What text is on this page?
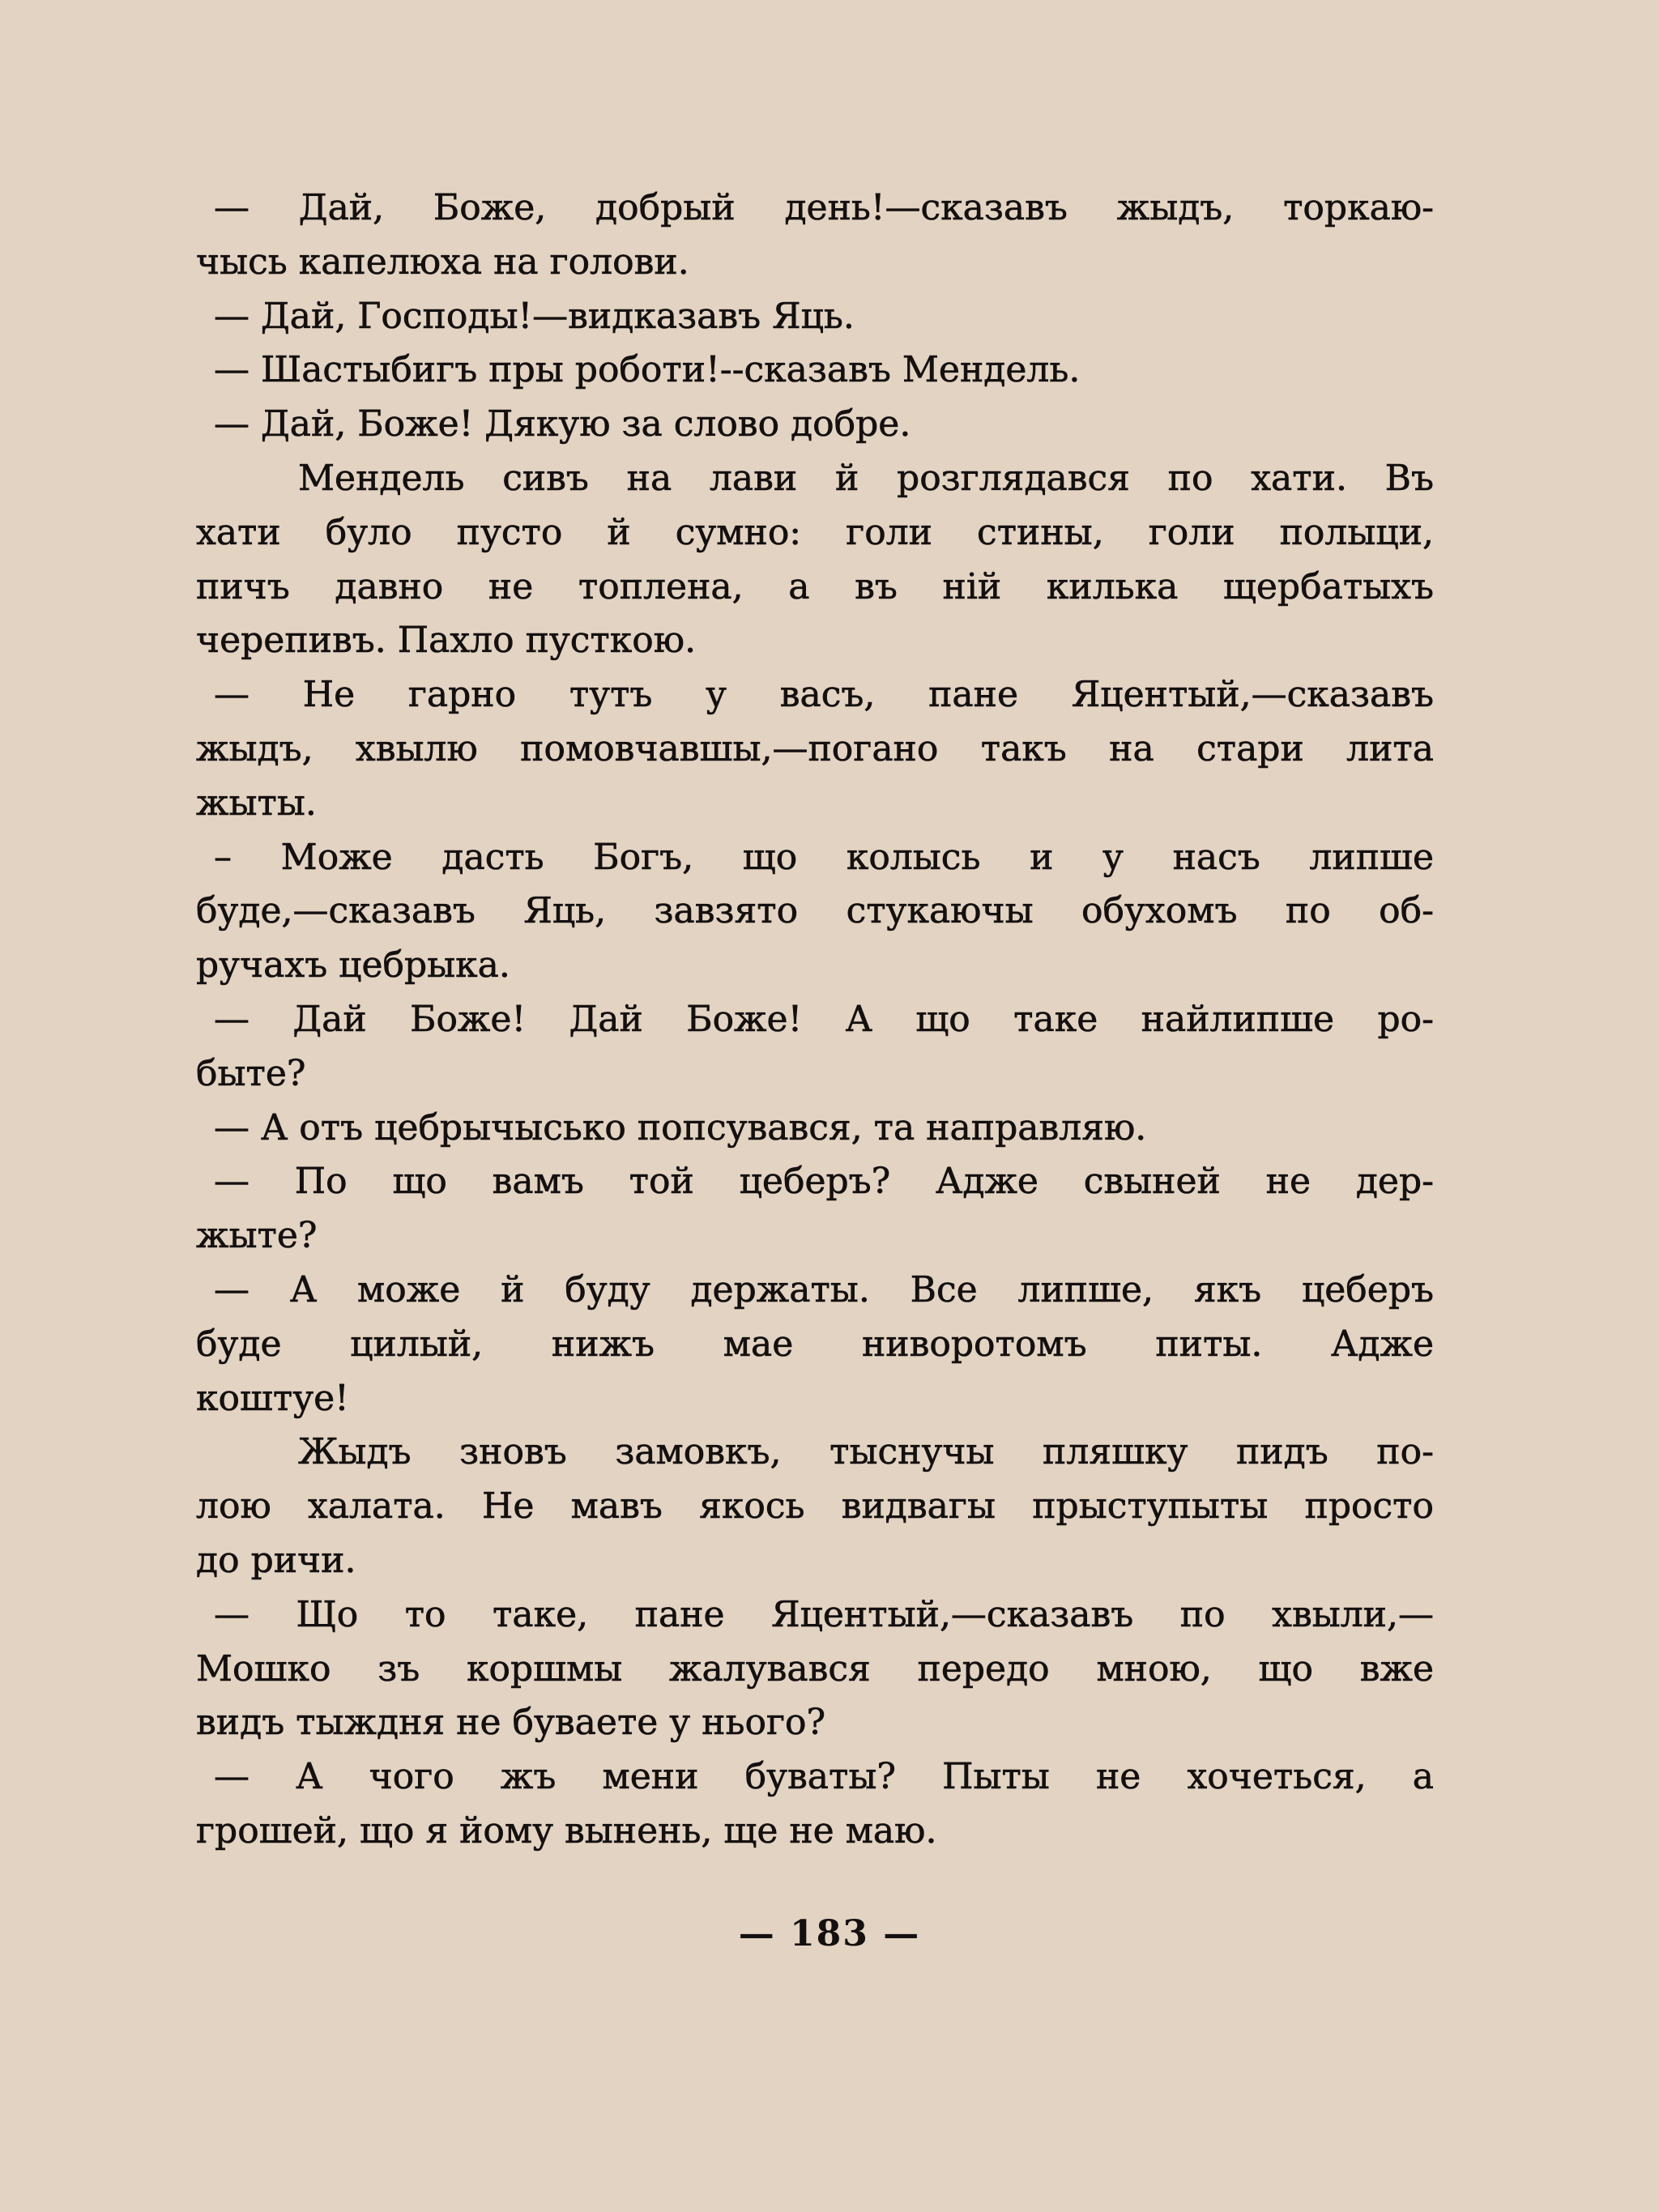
— Дай, Боже, добрый день!—сказавъ жыдъ, торкаю-
чысь капелюха на голови.
— Дай, Господы!—видказавъ Яць.
— Шастыбигъ пры роботи!--сказавъ Мендель.
— Дай, Боже! Дякую за слово добре.
Мендель сивъ на лави й розглядався по хати. Въ
хати було пусто й сумно: голи стины, голи полыци,
пичъ давно не топлена, а въ ній килька щербатыхъ
черепивъ. Пахло пусткою.
— Не гарно тутъ у васъ, пане Яцентый,—сказавъ
жыдъ, хвылю помовчавшы,—погано такъ на стари лита
жыты.
– Може дасть Богъ, що колысь и у насъ липше
буде,—сказавъ Яць, завзято стукаючы обухомъ по об-
ручахъ цебрыка.
— Дай Боже! Дай Боже! А що таке найлипше ро-
быте?
— А отъ цебрычысько попсувався, та направляю.
— По що вамъ той цеберъ? Адже свыней не дер-
жыте?
— А може й буду держаты. Все липше, якъ цеберъ
буде цилый, нижъ мае ниворотомъ питы. Адже
коштуе!
Жыдъ зновъ замовкъ, тыснучы пляшку пидъ по-
лою халата. Не мавъ якось видвагы прыступыты просто
до ричи.
— Що то таке, пане Яцентый,—сказавъ по хвыли,—
Мошко зъ коршмы жалувався передо мною, що вже
видъ тыждня не буваете у нього?
— А чого жъ мени буваты? Пыты не хочеться, а
грошей, що я йому вынень, ще не маю.
— 183 —
